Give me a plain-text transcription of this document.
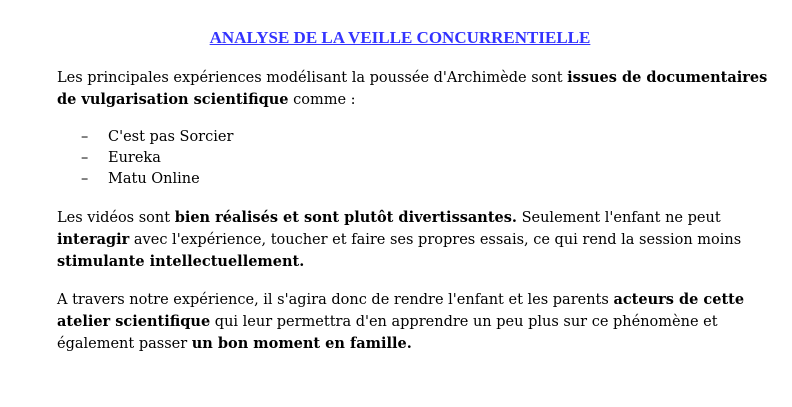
ANALYSE DE LA VEILLE CONCURRENTIELLE

Les principales expériences modélisant la poussée d'Archimède sont issues de documentaires de vulgarisation scientifique comme :

– C'est pas Sorcier
– Eureka
– Matu Online

Les vidéos sont bien réalisés et sont plutôt divertissantes. Seulement l'enfant ne peut interagir avec l'expérience, toucher et faire ses propres essais, ce qui rend la session moins stimulante intellectuellement.

A travers notre expérience, il s'agira donc de rendre l'enfant et les parents acteurs de cette atelier scientifique qui leur permettra d'en apprendre un peu plus sur ce phénomène et également passer un bon moment en famille.
